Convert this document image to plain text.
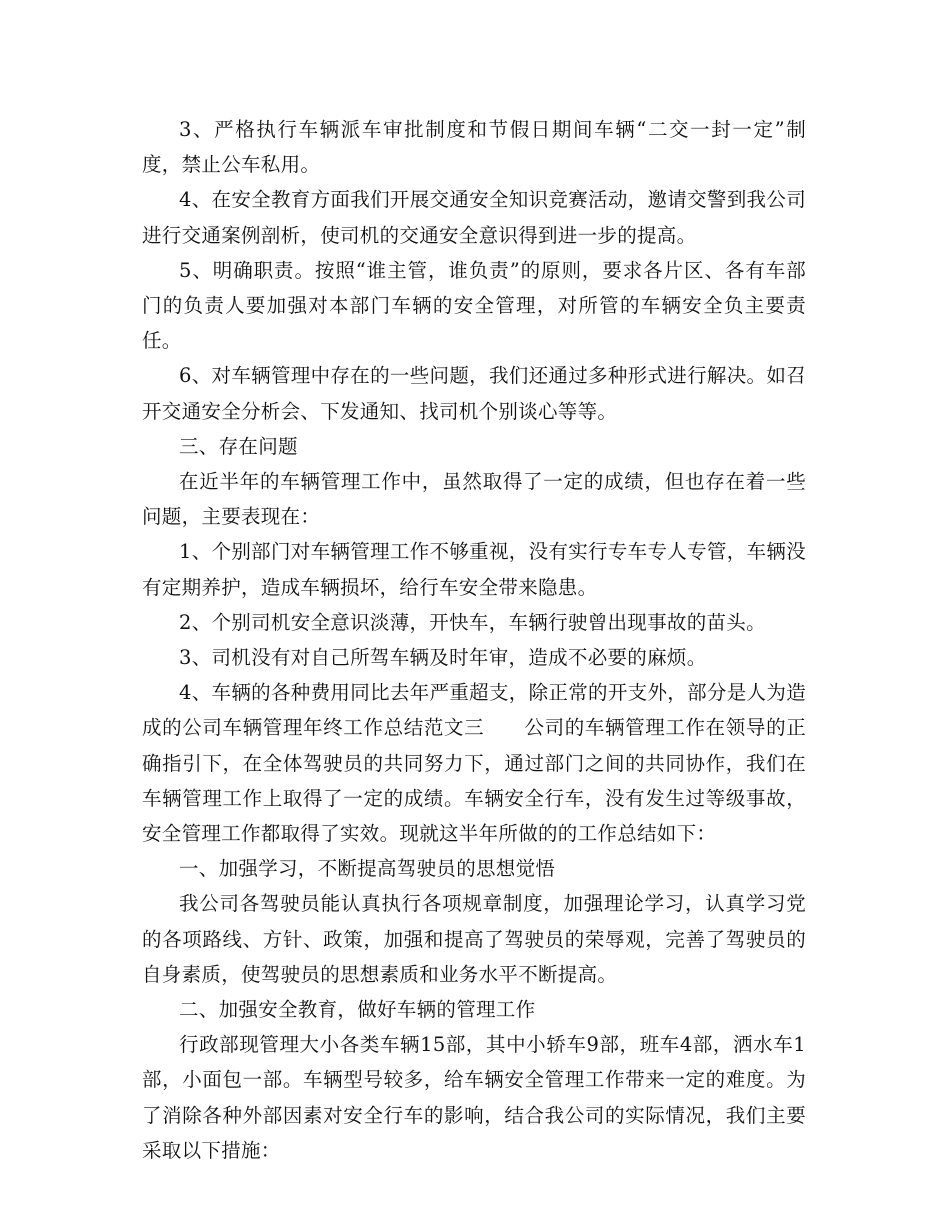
3、严格执行车辆派车审批制度和节假日期间车辆“二交一封一定”制度，禁止公车私用。

4、在安全教育方面我们开展交通安全知识竞赛活动，邀请交警到我公司进行交通案例剖析，使司机的交通安全意识得到进一步的提高。

5、明确职责。按照“谁主管，谁负责”的原则，要求各片区、各有车部门的负责人要加强对本部门车辆的安全管理，对所管的车辆安全负主要责任。

6、对车辆管理中存在的一些问题，我们还通过多种形式进行解决。如召开交通安全分析会、下发通知、找司机个别谈心等等。

三、存在问题

在近半年的车辆管理工作中，虽然取得了一定的成绩，但也存在着一些问题，主要表现在：

1、个别部门对车辆管理工作不够重视，没有实行专车专人专管，车辆没有定期养护，造成车辆损坏，给行车安全带来隐患。

2、个别司机安全意识淡薄，开快车，车辆行驶曾出现事故的苗头。

3、司机没有对自己所驾车辆及时年审，造成不必要的麻烦。

4、车辆的各种费用同比去年严重超支，除正常的开支外，部分是人为造成的公司车辆管理年终工作总结范文三　　公司的车辆管理工作在领导的正确指引下，在全体驾驶员的共同努力下，通过部门之间的共同协作，我们在车辆管理工作上取得了一定的成绩。车辆安全行车，没有发生过等级事故，安全管理工作都取得了实效。现就这半年所做的的工作总结如下：

一、加强学习，不断提高驾驶员的思想觉悟

我公司各驾驶员能认真执行各项规章制度，加强理论学习，认真学习党的各项路线、方针、政策，加强和提高了驾驶员的荣辱观，完善了驾驶员的自身素质，使驾驶员的思想素质和业务水平不断提高。

二、加强安全教育，做好车辆的管理工作

行政部现管理大小各类车辆15部，其中小轿车9部，班车4部，洒水车1部，小面包一部。车辆型号较多，给车辆安全管理工作带来一定的难度。为了消除各种外部因素对安全行车的影响，结合我公司的实际情况，我们主要采取以下措施：
